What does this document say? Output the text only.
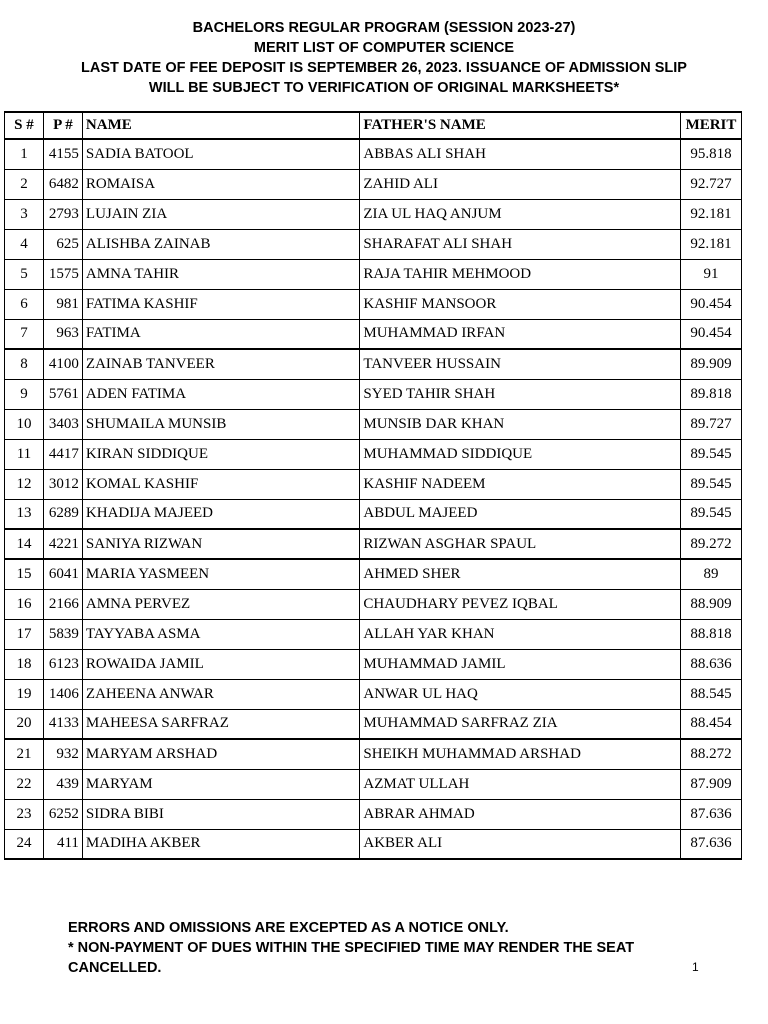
BACHELORS REGULAR PROGRAM (SESSION 2023-27)
MERIT LIST OF COMPUTER SCIENCE
LAST DATE OF FEE DEPOSIT IS SEPTEMBER 26, 2023. ISSUANCE OF ADMISSION SLIP
WILL BE SUBJECT TO VERIFICATION OF ORIGINAL MARKSHEETS*
S #	P #	NAME	FATHER'S NAME	MERIT
1	4155	SADIA BATOOL	ABBAS ALI SHAH	95.818
2	6482	ROMAISA	ZAHID ALI	92.727
3	2793	LUJAIN ZIA	ZIA UL HAQ ANJUM	92.181
4	625	ALISHBA ZAINAB	SHARAFAT ALI SHAH	92.181
5	1575	AMNA TAHIR	RAJA TAHIR MEHMOOD	91
6	981	FATIMA KASHIF	KASHIF MANSOOR	90.454
7	963	FATIMA	MUHAMMAD IRFAN	90.454
8	4100	ZAINAB TANVEER	TANVEER HUSSAIN	89.909
9	5761	ADEN FATIMA	SYED TAHIR SHAH	89.818
10	3403	SHUMAILA MUNSIB	MUNSIB DAR KHAN	89.727
11	4417	KIRAN SIDDIQUE	MUHAMMAD SIDDIQUE	89.545
12	3012	KOMAL KASHIF	KASHIF NADEEM	89.545
13	6289	KHADIJA MAJEED	ABDUL MAJEED	89.545
14	4221	SANIYA RIZWAN	RIZWAN ASGHAR SPAUL	89.272
15	6041	MARIA YASMEEN	AHMED SHER	89
16	2166	AMNA PERVEZ	CHAUDHARY PEVEZ IQBAL	88.909
17	5839	TAYYABA ASMA	ALLAH YAR KHAN	88.818
18	6123	ROWAIDA JAMIL	MUHAMMAD JAMIL	88.636
19	1406	ZAHEENA ANWAR	ANWAR UL HAQ	88.545
20	4133	MAHEESA SARFRAZ	MUHAMMAD SARFRAZ ZIA	88.454
21	932	MARYAM ARSHAD	SHEIKH MUHAMMAD ARSHAD	88.272
22	439	MARYAM	AZMAT ULLAH	87.909
23	6252	SIDRA BIBI	ABRAR AHMAD	87.636
24	411	MADIHA AKBER	AKBER ALI	87.636
ERRORS AND OMISSIONS ARE EXCEPTED AS A NOTICE ONLY.
* NON-PAYMENT OF DUES WITHIN THE SPECIFIED TIME MAY RENDER THE SEAT
CANCELLED.	1
